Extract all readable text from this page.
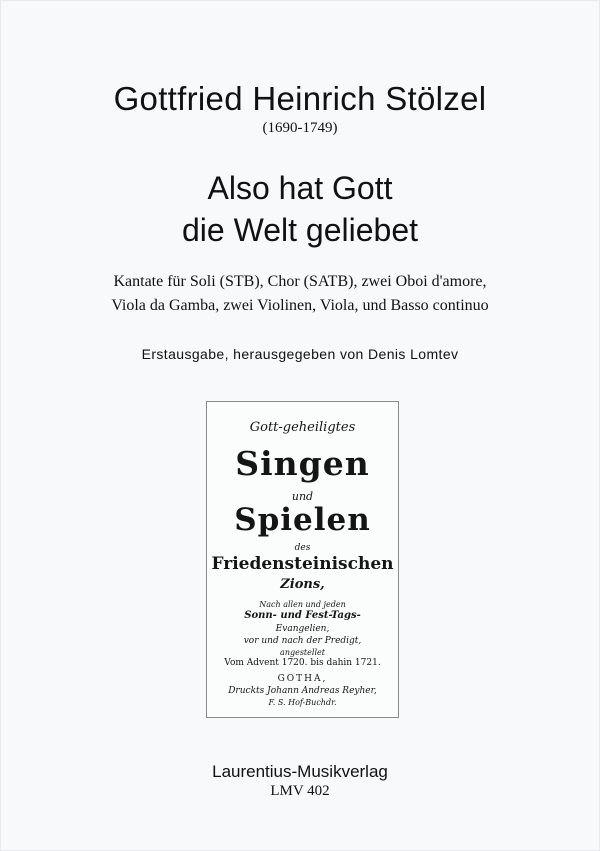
Gottfried Heinrich Stölzel
(1690-1749)
Also hat Gott
die Welt geliebet
Kantate für Soli (STB), Chor (SATB), zwei Oboi d'amore,
Viola da Gamba, zwei Violinen, Viola, und Basso continuo
Erstausgabe, herausgegeben von Denis Lomtev
Gott-geheiligtes
Singen
und
Spielen
des
Friedensteinischen
Zions,
Nach allen und jeden
Sonn- und Fest-Tags-
Evangelien,
vor und nach der Predigt,
angestellet
Vom Advent 1720. bis dahin 1721.
GOTHA,
Druckts Johann Andreas Reyher,
F. S. Hof-Buchdr.
Laurentius-Musikverlag
LMV 402
